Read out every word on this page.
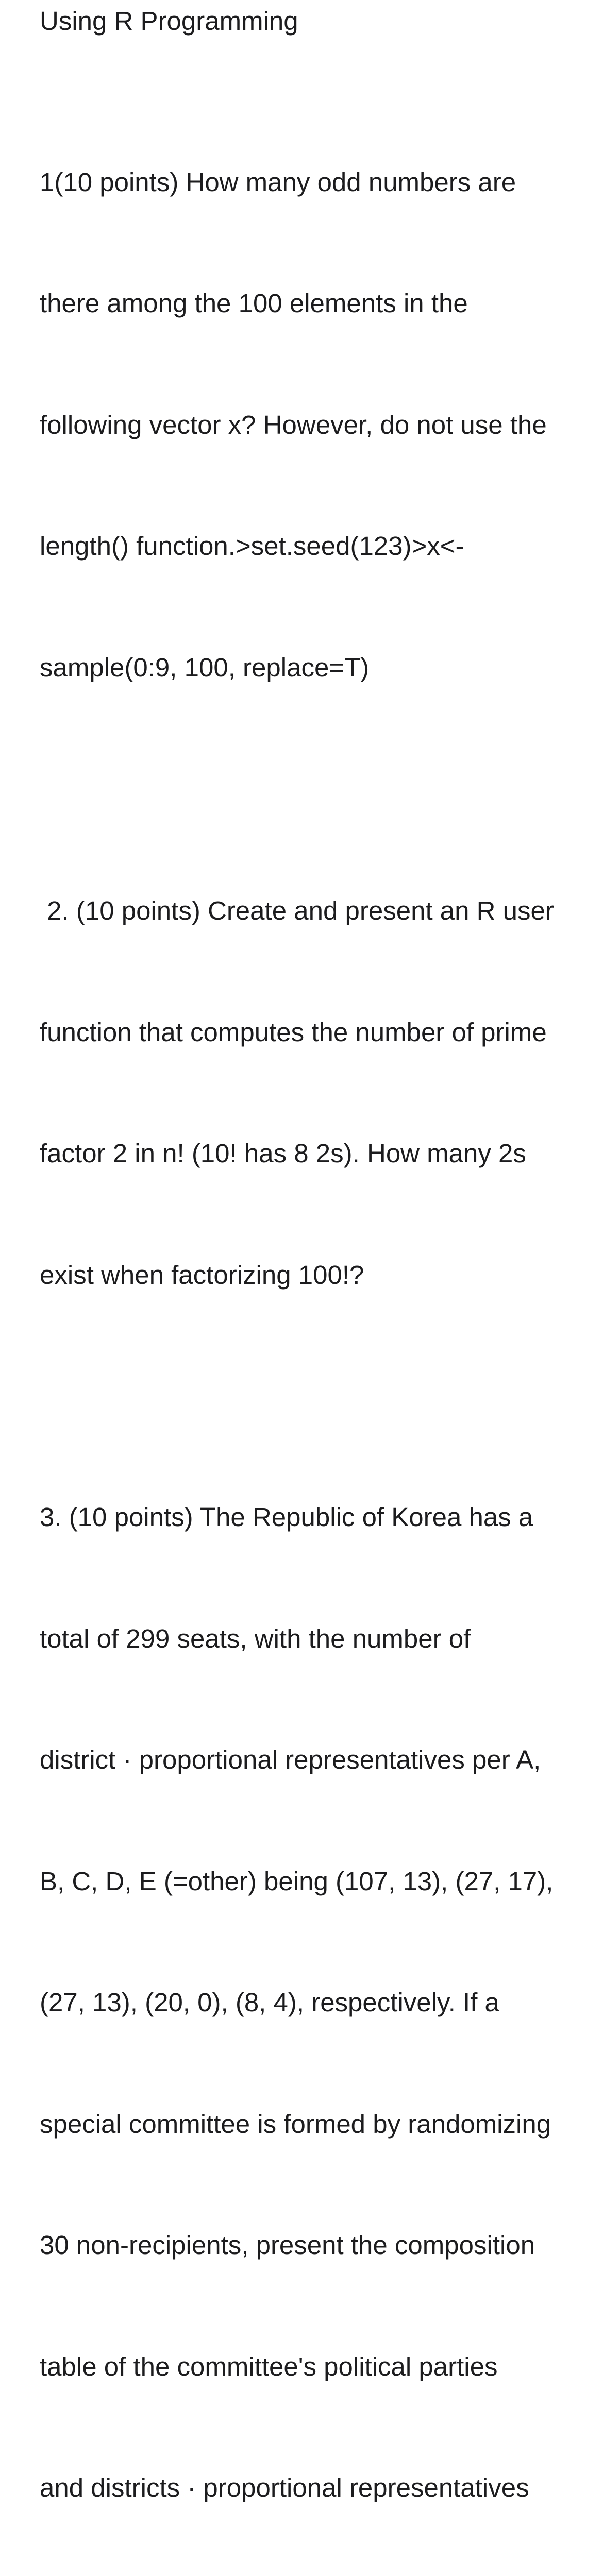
Using R Programming

1(10 points) How many odd numbers are

there among the 100 elements in the

following vector x? However, do not use the

length() function.>set.seed(123)>x<-

sample(0:9, 100, replace=T)

2. (10 points) Create and present an R user

function that computes the number of prime

factor 2 in n! (10! has 8 2s). How many 2s

exist when factorizing 100!?

3. (10 points) The Republic of Korea has a

total of 299 seats, with the number of

district · proportional representatives per A,

B, C, D, E (=other) being (107, 13), (27, 17),

(27, 13), (20, 0), (8, 4), respectively. If a

special committee is formed by randomizing

30 non-recipients, present the composition

table of the committee's political parties

and districts · proportional representatives
